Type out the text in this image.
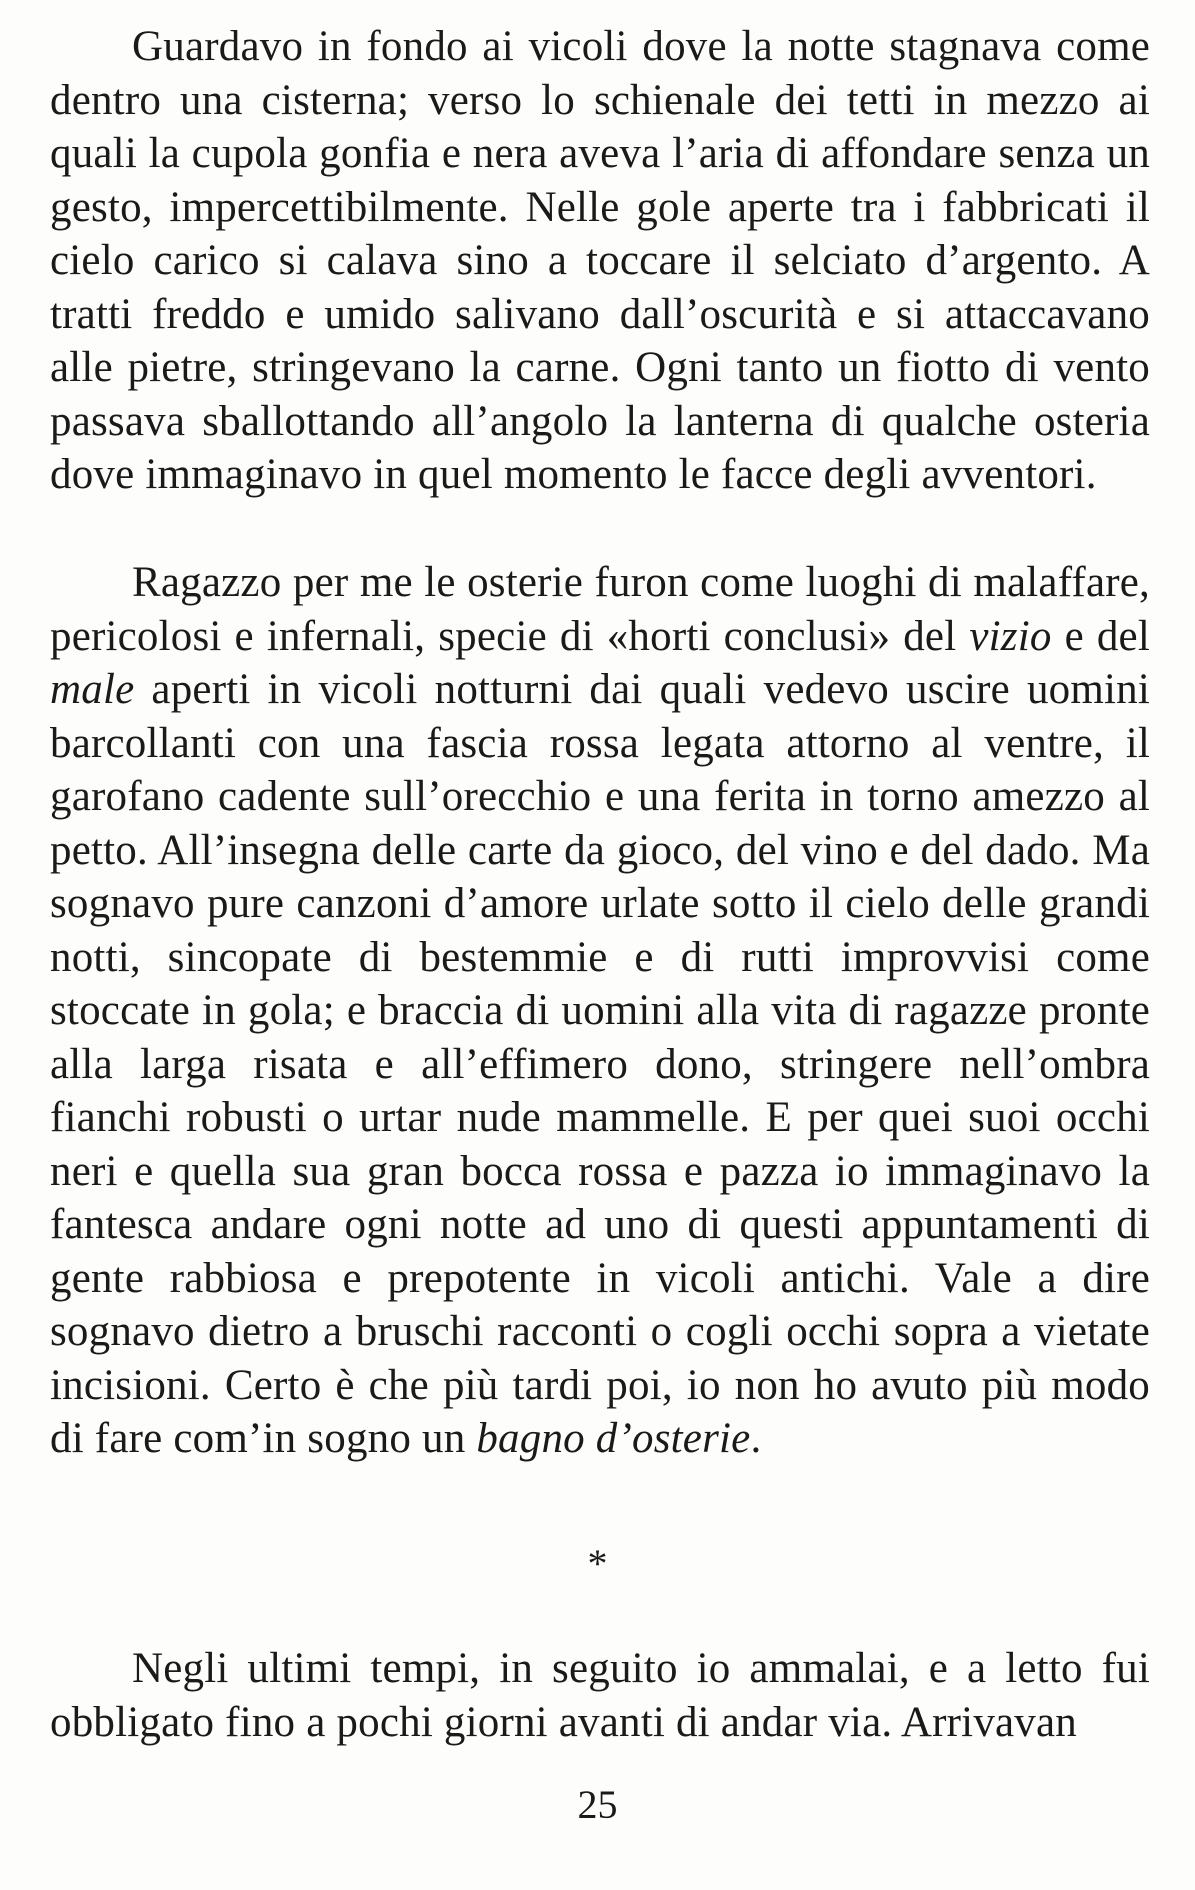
Guardavo in fondo ai vicoli dove la notte stagnava come dentro una cisterna; verso lo schienale dei tetti in mezzo ai quali la cupola gonfia e nera aveva l’aria di affondare senza un gesto, impercettibilmente. Nelle gole aperte tra i fabbricati il cielo carico si calava sino a toccare il selciato d’argento. A tratti freddo e umido salivano dall’oscurità e si attaccavano alle pietre, stringevano la carne. Ogni tanto un fiotto di vento passava sballottando all’angolo la lanterna di qualche osteria dove immaginavo in quel momento le facce degli avventori.

Ragazzo per me le osterie furon come luoghi di malaffare, pericolosi e infernali, specie di «horti conclusi» del vizio e del male aperti in vicoli notturni dai quali vedevo uscire uomini barcollanti con una fascia rossa legata attorno al ventre, il garofano cadente sull’orecchio e una ferita in torno amezzo al petto. All’insegna delle carte da gioco, del vino e del dado. Ma sognavo pure canzoni d’amore urlate sotto il cielo delle grandi notti, sincopate di bestemmie e di rutti improvvisi come stoccate in gola; e braccia di uomini alla vita di ragazze pronte alla larga risata e all’effimero dono, stringere nell’ombra fianchi robusti o urtar nude mammelle. E per quei suoi occhi neri e quella sua gran bocca rossa e pazza io immaginavo la fantesca andare ogni notte ad uno di questi appuntamenti di gente rabbiosa e prepotente in vicoli antichi. Vale a dire sognavo dietro a bruschi racconti o cogli occhi sopra a vietate incisioni. Certo è che più tardi poi, io non ho avuto più modo di fare com’in sogno un bagno d’osterie.

*

Negli ultimi tempi, in seguito io ammalai, e a letto fui obbligato fino a pochi giorni avanti di andar via. Arrivavan

25
